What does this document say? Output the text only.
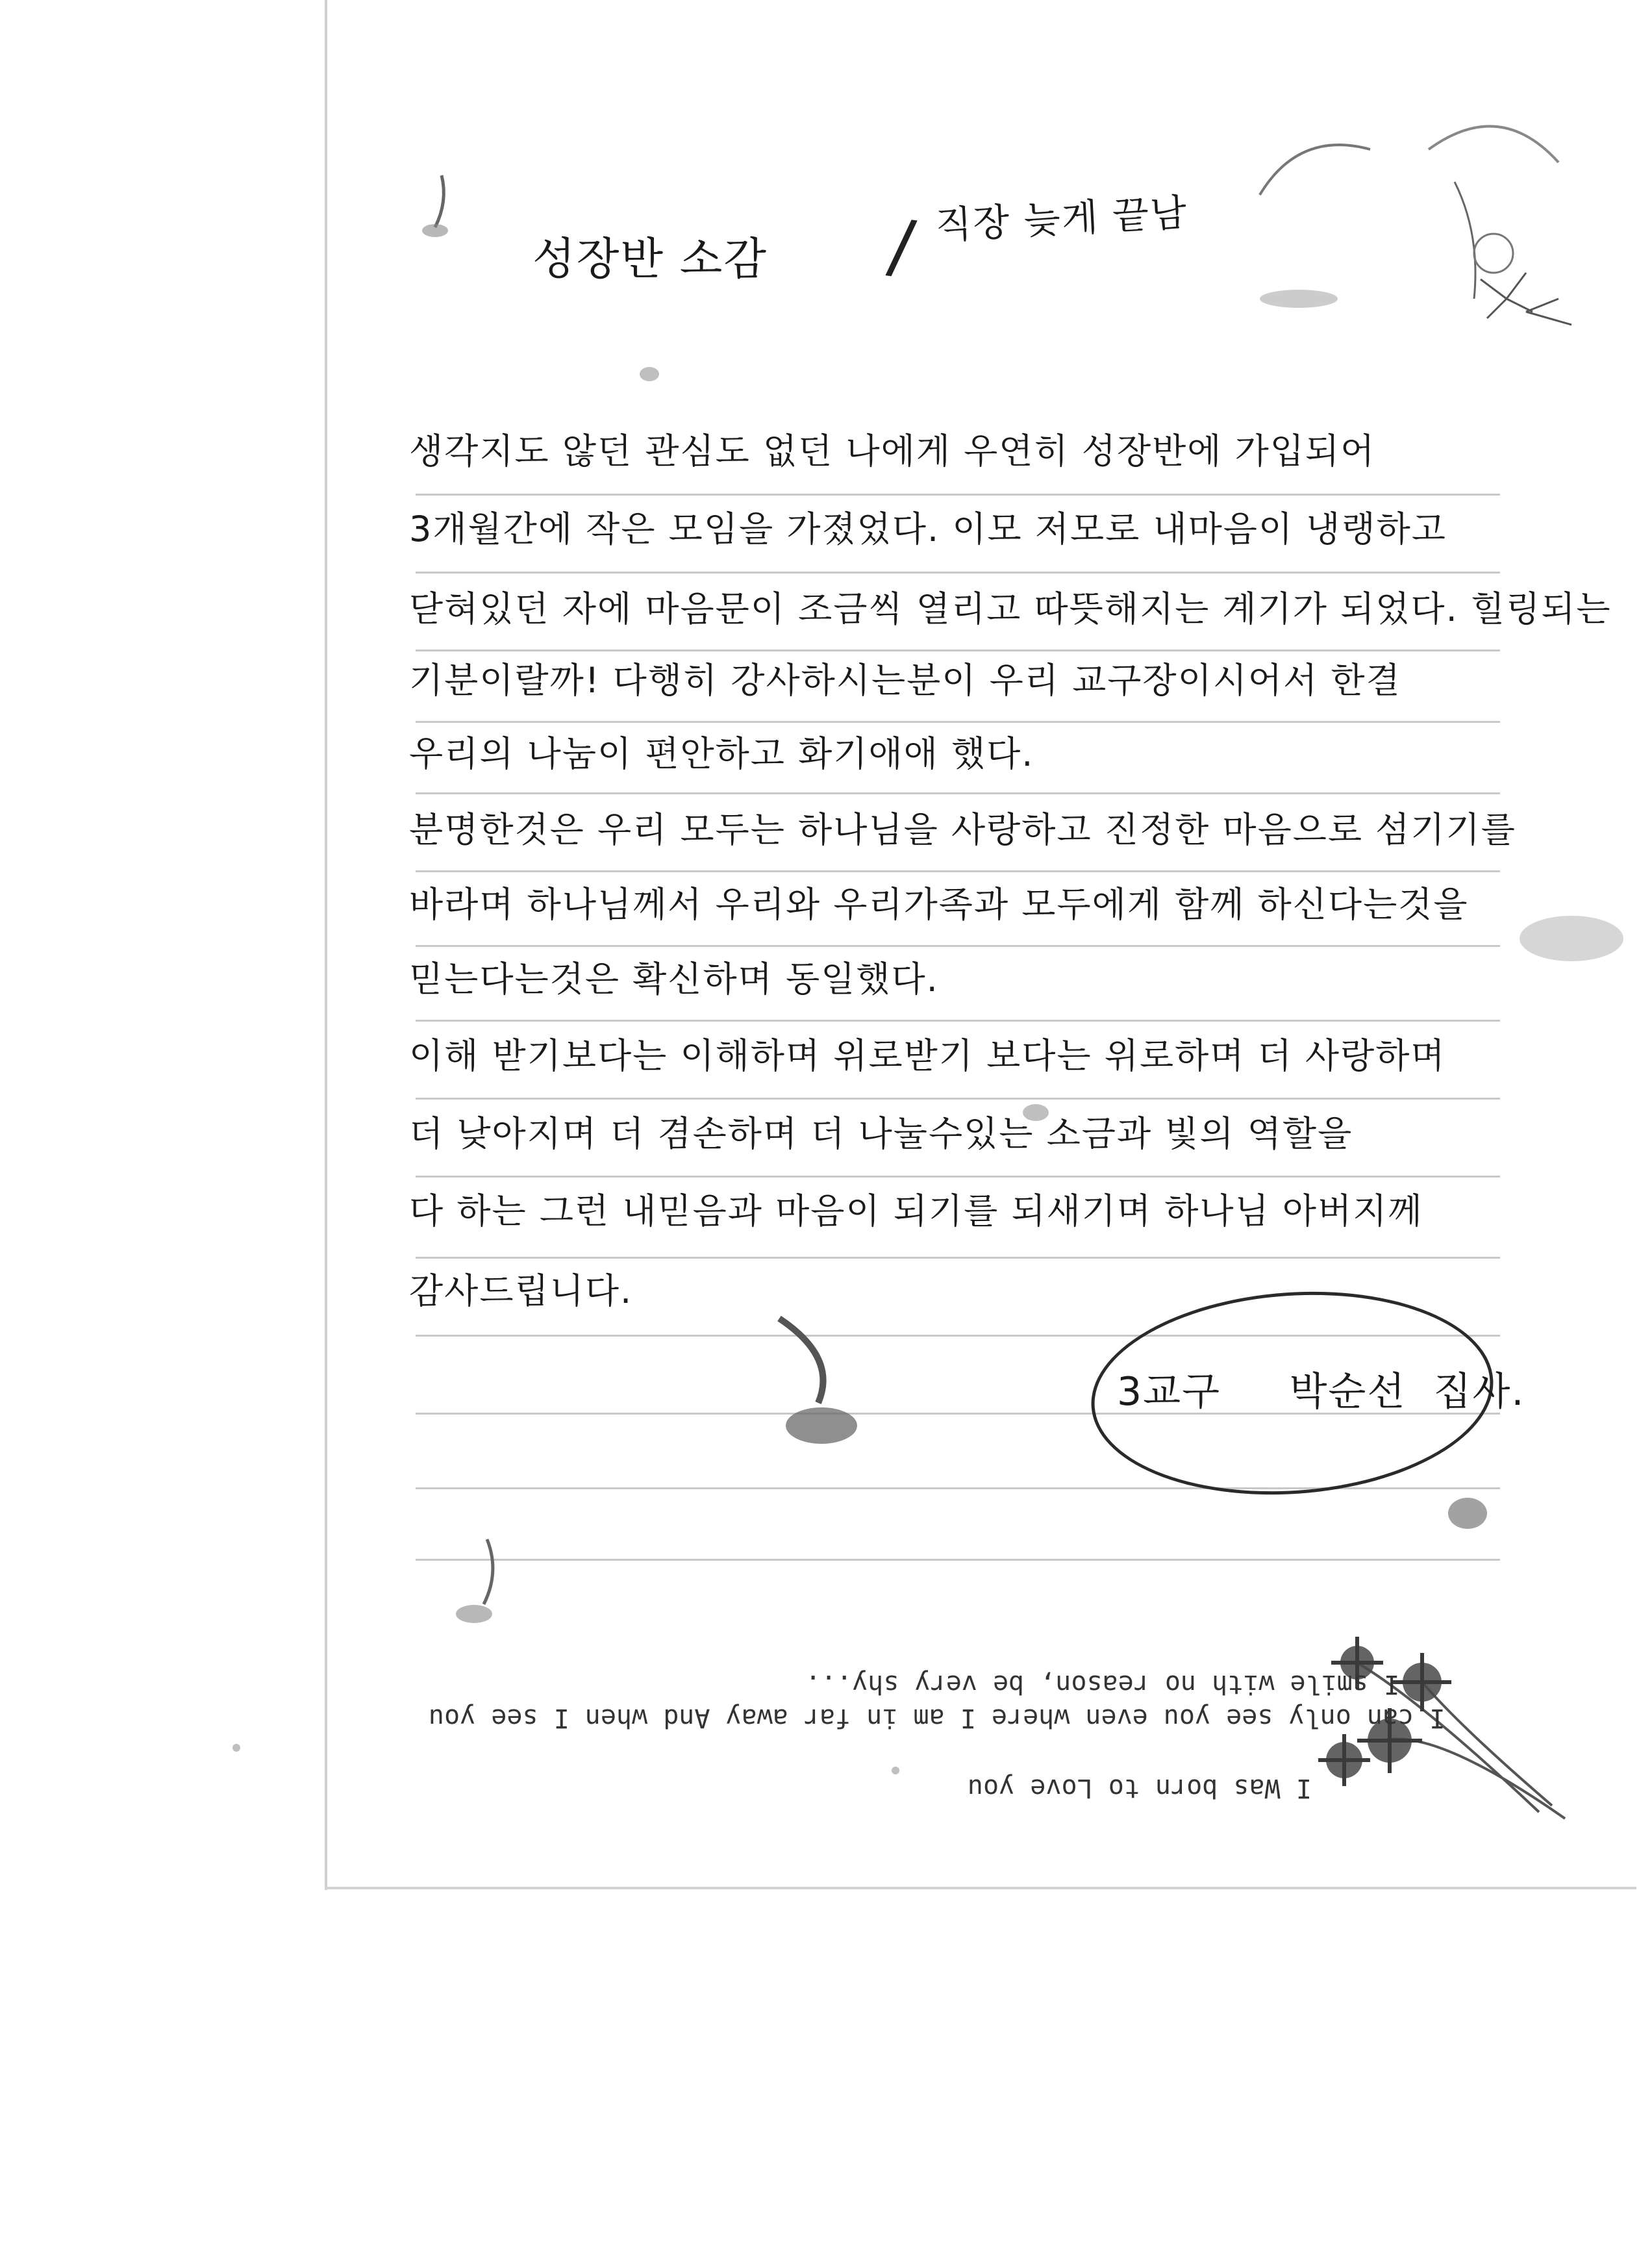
성장반 소감 / 직장 늦게 끝남
생각지도 않던 관심도 없던 나에게 우연히 성장반에 가입되어
3개월간에 작은 모임을 가졌었다. 이모 저모로 내마음이 냉랭하고
닫혀있던 자에 마음문이 조금씩 열리고 따뜻해지는 계기가 되었다. 힐링되는
기분이랄까! 다행히 강사하시는분이 우리 교구장이시어서 한결
우리의 나눔이 편안하고 화기애애 했다.
분명한것은 우리 모두는 하나님을 사랑하고 진정한 마음으로 섬기기를
바라며 하나님께서 우리와 우리가족과 모두에게 함께 하신다는것을
믿는다는것은 확신하며 동일했다.
이해 받기보다는 이해하며 위로받기 보다는 위로하며 더 사랑하며
더 낮아지며 더 겸손하며 더 나눌수있는 소금과 빛의 역할을
다 하는 그런 내믿음과 마음이 되기를 되새기며 하나님 아버지께
감사드립니다.
3교구 박순선 집사.
I smile with no reason, be very shy...
I can only see you even where I am in far away And when I see you
I Was born to Love you
